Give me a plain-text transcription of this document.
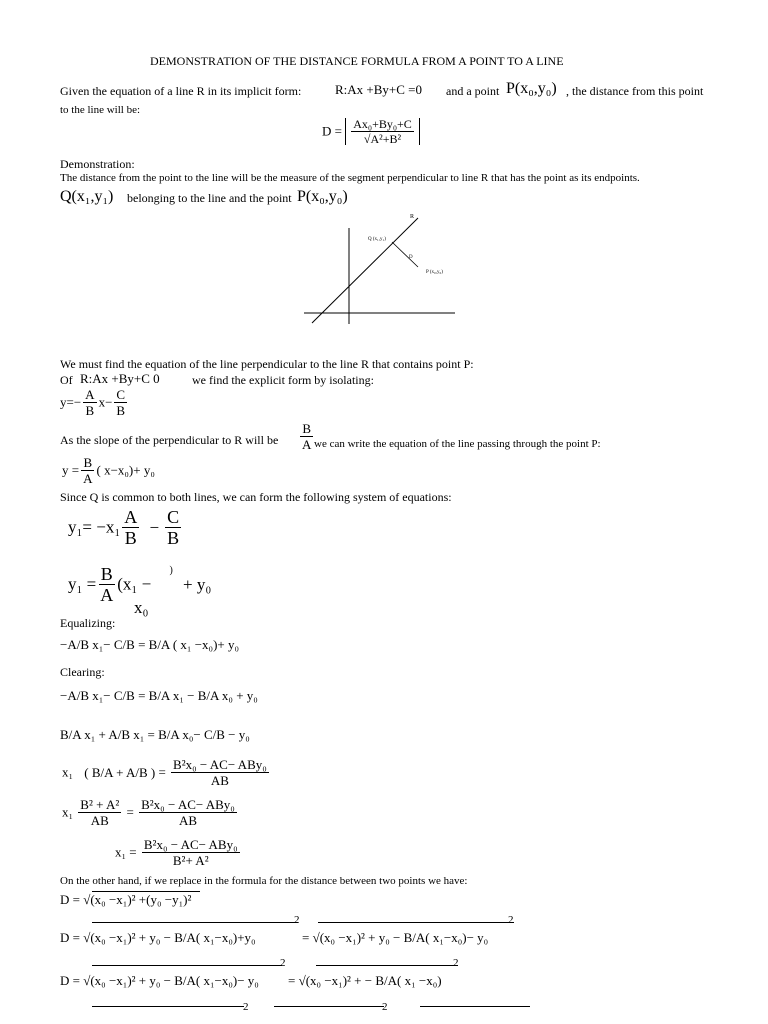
DEMONSTRATION OF THE DISTANCE FORMULA FROM A POINT TO A LINE
Given the equation of a line R in its implicit form:	R:Ax +By+C =0 and a point P(x₀,y₀) , the distance from this point
to the line will be:
$D = \frac{\text{Ax₀+By₀+C}}{\text{√A²+B²}}$
Demonstration:
The distance from the point to the line will be the measure of the segment perpendicular to line R that has the point as its endpoints.
Q(x₁,y₁) belonging to the line and the point P(x₀,y₀)
R
Q (x₁,y₁)
D
P (x₀,y₀)
We must find the equation of the line perpendicular to the line R that contains point P:
Of R:Ax +By+C 0	we find the explicit form by isolating:
$y=- \frac{A}{B} x- \frac{C}{B}$
As the slope of the perpendicular to R will be $\frac{B}{A}$ we can write the equation of the line passing through the point P:
$y = \frac{B}{A}$ ( x−x₀)+ y₀
Since Q is common to both lines, we can form the following system of equations:
$y_1= -x_1 \frac{A}{B} - \frac{C}{B}$
$y_1 = \frac{B}{A} (x_1 - ^) + y_0$
x₀
Equalizing:
−A/B x₁− C/B = B/A ( x₁ −x₀)+ y₀
Clearing:
−A/B x₁− C/B = B/A x₁ − B/A x₀ + y₀
B/A x₁ + A/B x₁ = B/A x₀− C/B − y₀
x₁ ( B/A + A/B ) = $\frac{\text{B²x₀ − AC− ABy₀}}{AB}$
$x_1 \frac{\text{B² + A²}}{AB} = \frac{\text{B²x₀ − AC− ABy₀}}{AB}$
$x_1 = \frac{\text{B²x₀ − AC− ABy₀}}{\text{B²+ A²}}$
On the other hand, if we replace in the formula for the distance between two points we have:
D = √(x₀ −x₁)² +(y₀ −y₁)²
D = √(x₀ −x₁)² + y₀ − B/A( x₁−x₀)+y₀
2
= √(x₀ −x₁)² + y₀ − B/A( x₁−x₀)− y₀
2
D = √(x₀ −x₁)² + y₀ − B/A( x₁−x₀)− y₀
2
= √(x₀ −x₁)² + − B/A( x₁ −x₀)
2
2	2
